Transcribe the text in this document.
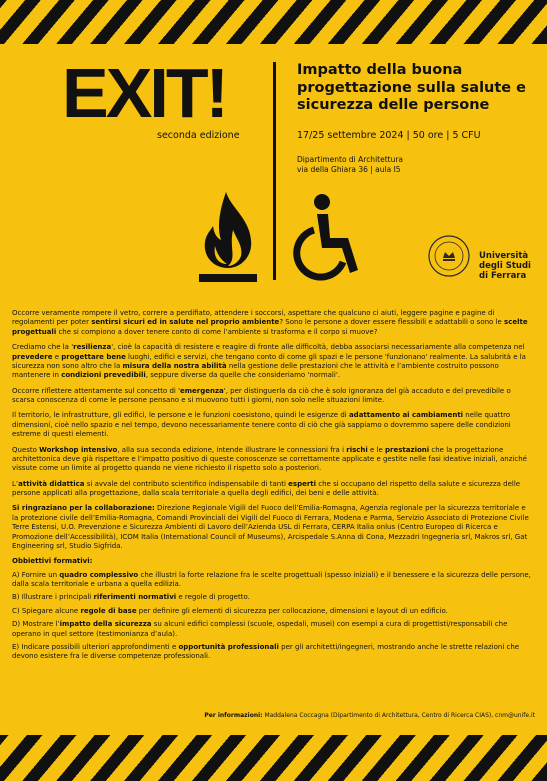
EXIT!
seconda edizione
Impatto della buona progettazione sulla salute e sicurezza delle persone
17/25 settembre 2024 | 50 ore | 5 CFU
Dipartimento di Architettura
via della Ghiara 36 | aula I5
Università
degli Studi
di Ferrara

Occorre veramente rompere il vetro, correre a perdifiato, attendere i soccorsi, aspettare che qualcuno ci aiuti, leggere pagine e pagine di regolamenti per poter sentirsi sicuri ed in salute nel proprio ambiente? Sono le persone a dover essere flessibili e adattabili o sono le scelte progettuali che si compiono a dover tenere conto di come l’ambiente si trasforma e il corpo si muove?

Crediamo che la 'resilienza', cioè la capacità di resistere e reagire di fronte alle difficoltà, debba associarsi necessariamente alla competenza nel prevedere e progettare bene luoghi, edifici e servizi, che tengano conto di come gli spazi e le persone 'funzionano' realmente. La salubrità e la sicurezza non sono altro che la misura della nostra abilità nella gestione delle prestazioni che le attività e l’ambiente costruito possono mantenere in condizioni prevedibili, seppure diverse da quelle che consideriamo 'normali'.

Occorre riflettere attentamente sul concetto di 'emergenza', per distinguerla da ciò che è solo ignoranza del già accaduto e del prevedibile o scarsa conoscenza di come le persone pensano e si muovono tutti i giorni, non solo nelle situazioni limite.

Il territorio, le infrastrutture, gli edifici, le persone e le funzioni coesistono, quindi le esigenze di adattamento ai cambiamenti nelle quattro dimensioni, cioè nello spazio e nel tempo, devono necessariamente tenere conto di ciò che già sappiamo o dovremmo sapere delle condizioni estreme di questi elementi.

Questo Workshop intensivo, alla sua seconda edizione, intende illustrare le connessioni fra i rischi e le prestazioni che la progettazione architettonica deve già rispettare e l’impatto positivo di queste conoscenze se correttamente applicate e gestite nelle fasi ideative iniziali, anziché vissute come un limite al progetto quando ne viene richiesto il rispetto solo a posteriori.

L’attività didattica si avvale del contributo scientifico indispensabile di tanti esperti che si occupano del rispetto della salute e sicurezza delle persone applicati alla progettazione, dalla scala territoriale a quella degli edifici, dei beni e delle attività.

Si ringraziano per la collaborazione: Direzione Regionale Vigili del Fuoco dell’Emilia-Romagna, Agenzia regionale per la sicurezza territoriale e la protezione civile dell’Emilia-Romagna, Comandi Provinciali dei Vigili del Fuoco di Ferrara, Modena e Parma, Servizio Associato di Protezione Civile Terre Estensi, U.O. Prevenzione e Sicurezza Ambienti di Lavoro dell’Azienda USL di Ferrara, CERPA Italia onlus (Centro Europeo di Ricerca e Promozione dell’Accessibilità), ICOM Italia (International Council of Museums), Arcispedale S.Anna di Cona, Mezzadri Ingegneria srl, Makros srl, Gat Engineering srl, Studio Sigfrida.

Obbiettivi formativi:

A) Fornire un quadro complessivo che illustri la forte relazione fra le scelte progettuali (spesso iniziali) e il benessere e la sicurezza delle persone, dalla scala territoriale e urbana a quella edilizia.

B) Illustrare i principali riferimenti normativi e regole di progetto.

C) Spiegare alcune regole di base per definire gli elementi di sicurezza per collocazione, dimensioni e layout di un edificio.

D) Mostrare l’impatto della sicurezza su alcuni edifici complessi (scuole, ospedali, musei) con esempi a cura di progettisti/responsabili che operano in quel settore (testimonianza d’aula).

E) Indicare possibili ulteriori approfondimenti e opportunità professionali per gli architetti/ingegneri, mostrando anche le strette relazioni che devono esistere fra le diverse competenze professionali.

Per informazioni: Maddalena Coccagna (Dipartimento di Architettura, Centro di Ricerca CIAS), cnm@unife.it
